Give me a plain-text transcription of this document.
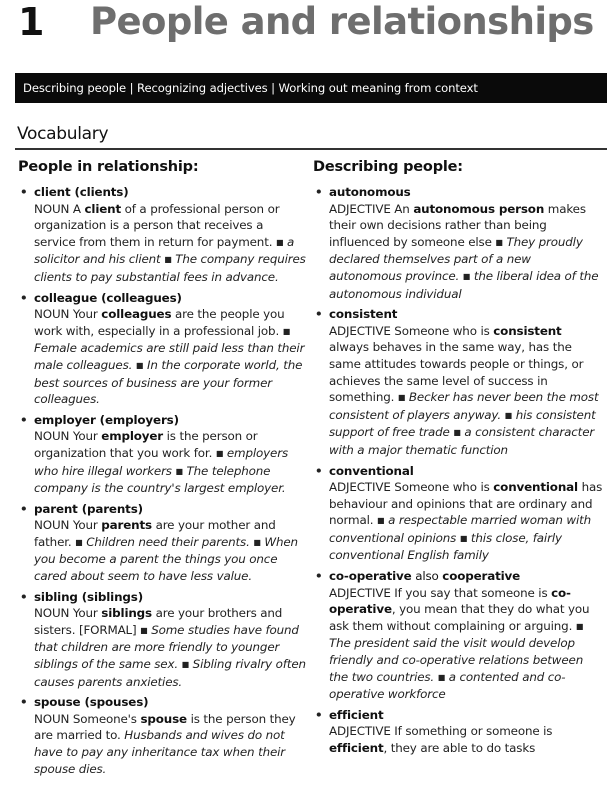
1 People and relationships
Describing people | Recognizing adjectives | Working out meaning from context
Vocabulary
People in relationship:
• client (clients)
NOUN A client of a professional person or organization is a person that receives a service from them in return for payment. ■ a solicitor and his client ■ The company requires clients to pay substantial fees in advance.
• colleague (colleagues)
NOUN Your colleagues are the people you work with, especially in a professional job. ■ Female academics are still paid less than their male colleagues. ■ In the corporate world, the best sources of business are your former colleagues.
• employer (employers)
NOUN Your employer is the person or organization that you work for. ■ employers who hire illegal workers ■ The telephone company is the country's largest employer.
• parent (parents)
NOUN Your parents are your mother and father. ■ Children need their parents. ■ When you become a parent the things you once cared about seem to have less value.
• sibling (siblings)
NOUN Your siblings are your brothers and sisters. [FORMAL] ■ Some studies have found that children are more friendly to younger siblings of the same sex. ■ Sibling rivalry often causes parents anxieties.
• spouse (spouses)
NOUN Someone's spouse is the person they are married to. Husbands and wives do not have to pay any inheritance tax when their spouse dies.
Describing people:
• autonomous
ADJECTIVE An autonomous person makes their own decisions rather than being influenced by someone else ■ They proudly declared themselves part of a new autonomous province. ■ the liberal idea of the autonomous individual
• consistent
ADJECTIVE Someone who is consistent always behaves in the same way, has the same attitudes towards people or things, or achieves the same level of success in something. ■ Becker has never been the most consistent of players anyway. ■ his consistent support of free trade ■ a consistent character with a major thematic function
• conventional
ADJECTIVE Someone who is conventional has behaviour and opinions that are ordinary and normal. ■ a respectable married woman with conventional opinions ■ this close, fairly conventional English family
• co-operative also cooperative
ADJECTIVE If you say that someone is co-operative, you mean that they do what you ask them without complaining or arguing. ■ The president said the visit would develop friendly and co-operative relations between the two countries. ■ a contented and co-operative workforce
• efficient
ADJECTIVE If something or someone is efficient, they are able to do tasks
